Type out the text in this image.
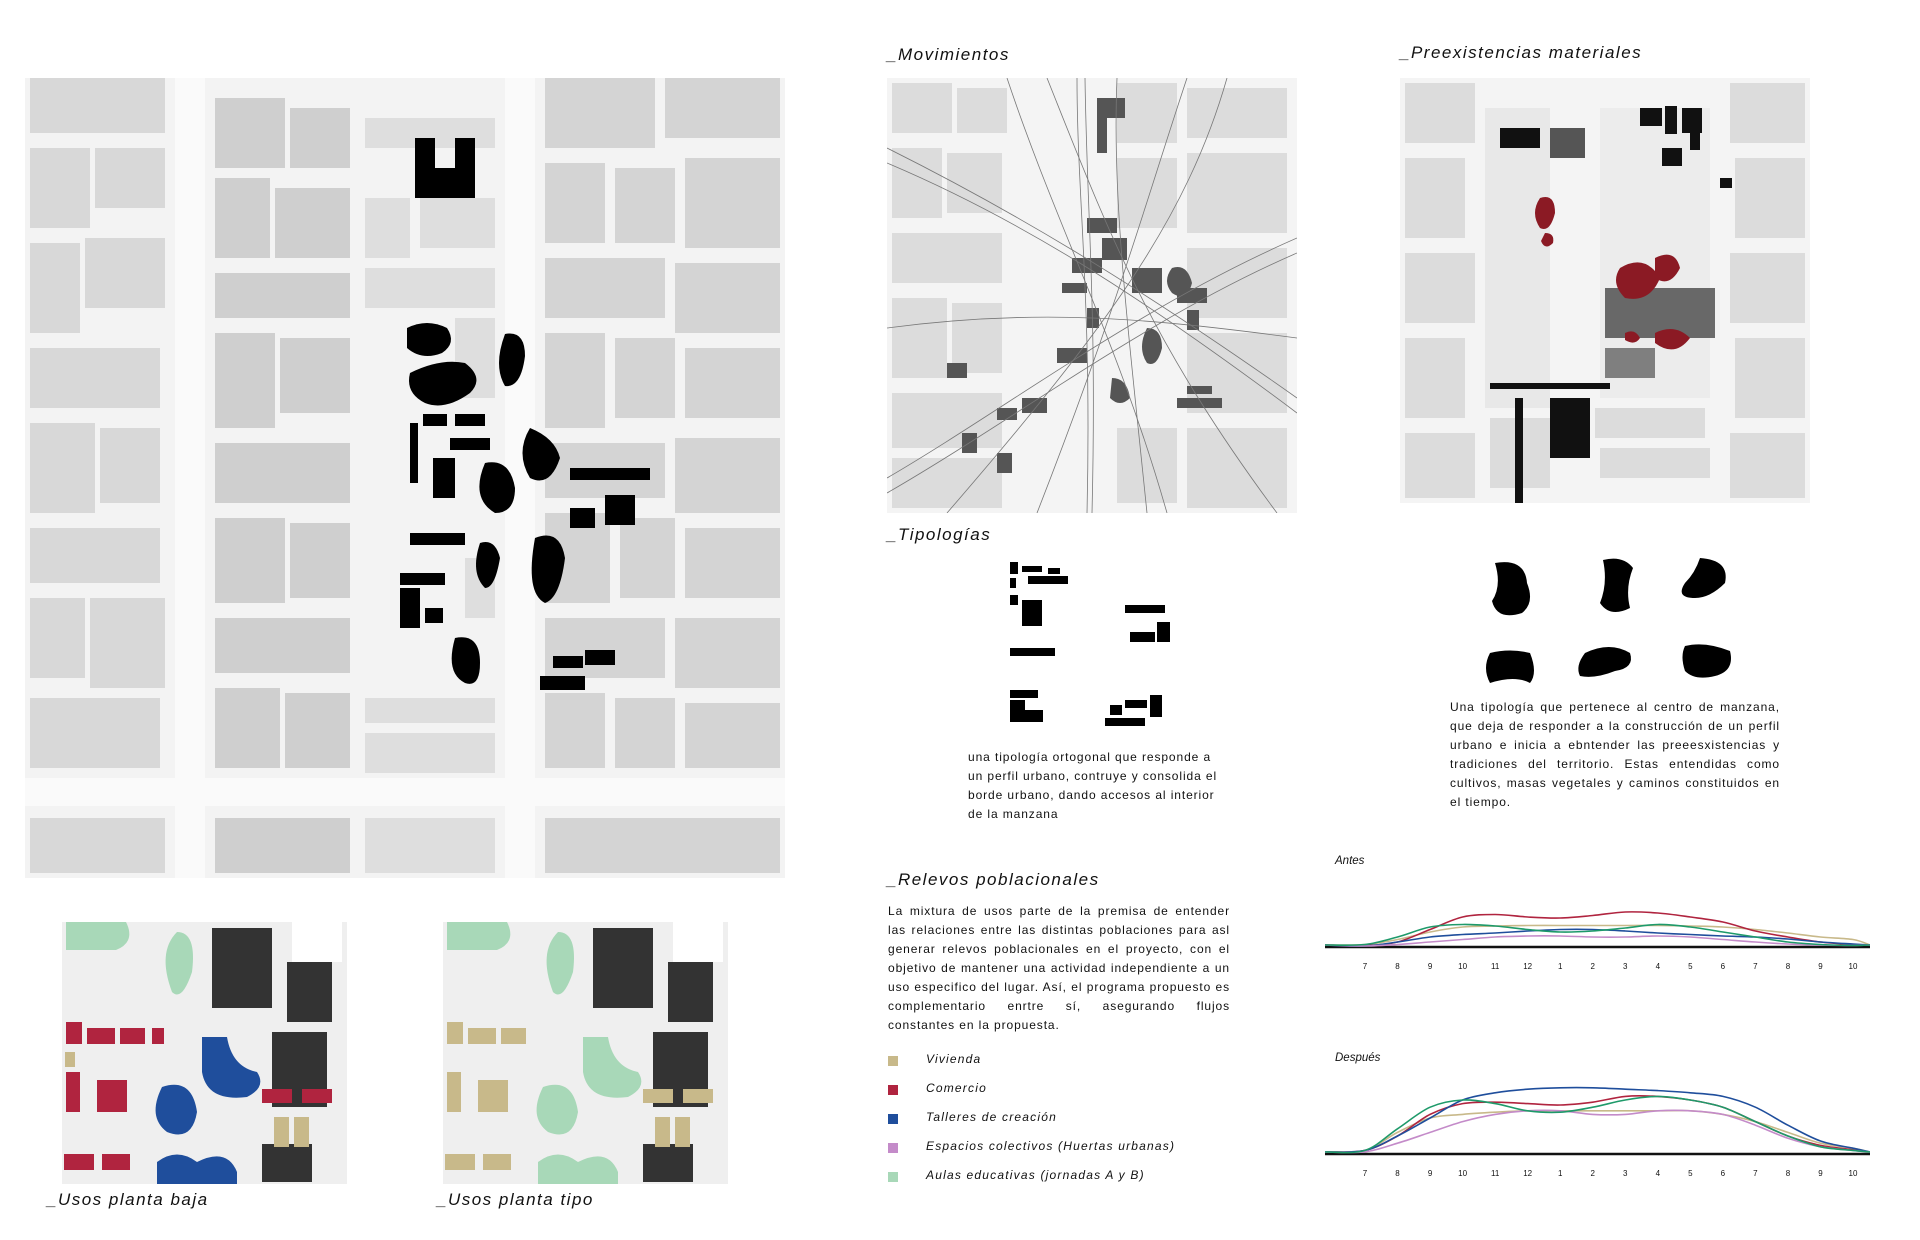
_Movimientos	_Preexistencias materiales
_Tipologías
_Relevos poblacionales
_Usos planta baja	_Usos planta tipo
una tipología ortogonal que responde a un perfil urbano, contruye y consolida el borde urbano, dando accesos al interior de la manzana
Una tipología que pertenece al centro de manzana, que deja de responder a la construcción de un perfil urbano e inicia a ebntender las preeesxistencias y tradiciones del territorio. Estas entendidas como cultivos, masas vegetales y caminos constituidos en el tiempo.
La mixtura de usos parte de la premisa de entender las relaciones entre las distintas poblaciones para asl generar relevos poblacionales en el proyecto, con el objetivo de mantener una actividad independiente a un uso especifico del lugar. Así, el programa propuesto es complementario enrtre sí, asegurando flujos constantes en la propuesta.
Vivienda
Comercio
Talleres de creación
Espacios colectivos (Huertas urbanas)
Aulas educativas (jornadas A y B)
Antes
7	8	9	10	11	12	1	2	3	4	5	6	7	8	9	10
Después
7	8	9	10	11	12	1	2	3	4	5	6	7	8	9	10
